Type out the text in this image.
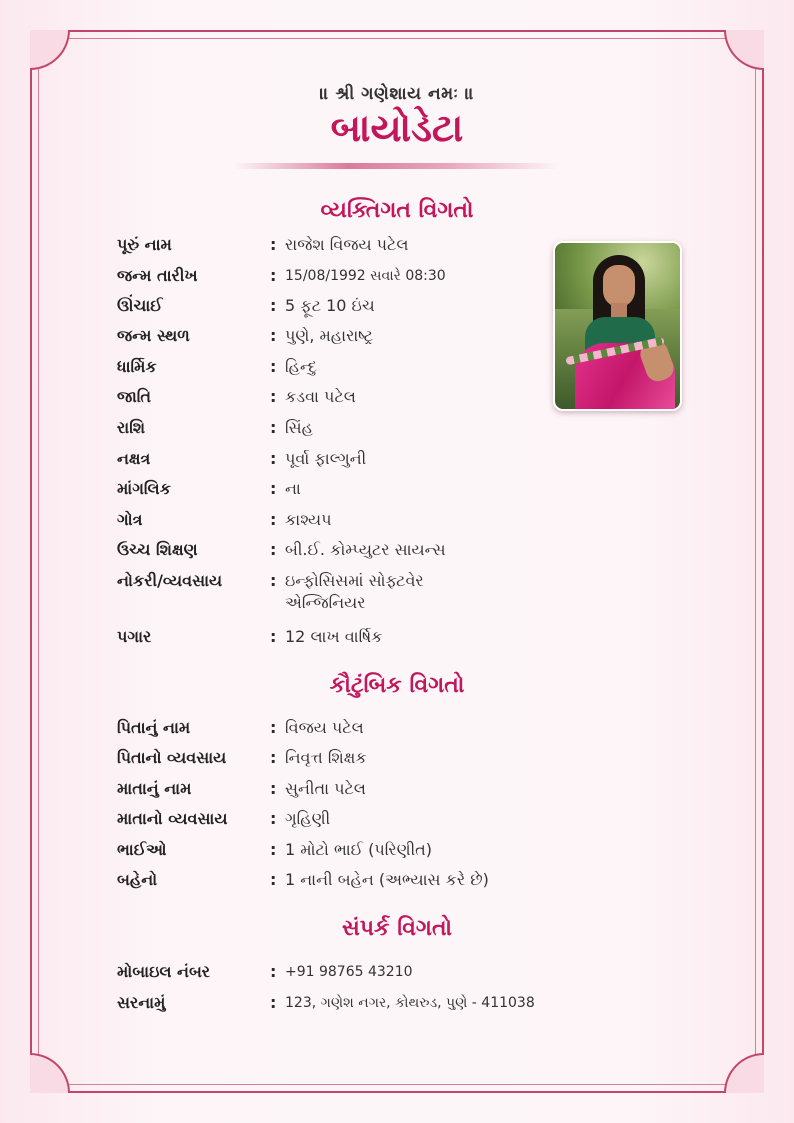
॥ શ્રી ગણેશાય નમઃ ॥
બાયોડેટા
વ્યક્તિગત વિગતો
પૂરું નામ	: રાજેશ વિજય પટેલ
જન્મ તારીખ	: 15/08/1992 સવારે 08:30
ઊંચાઈ	: 5 ફૂટ 10 ઇંચ
જન્મ સ્થળ	: પુણે, મહારાષ્ટ્ર
ધાર્મિક	: હિન્દુ
જાતિ	: કડવા પટેલ
રાશિ	: સિંહ
નક્ષત્ર	: પૂર્વા ફાલ્ગુની
માંગલિક	: ના
ગોત્ર	: કાશ્યપ
ઉચ્ચ શિક્ષણ	: બી.ઈ. કોમ્પ્યુટર સાયન્સ
નોકરી/વ્યવસાય	: ઇન્ફોસિસમાં સોફ્ટવેર એન્જિનિયર
પગાર	: 12 લાખ વાર્ષિક
કૌટુંબિક વિગતો
પિતાનું નામ	: વિજય પટેલ
પિતાનો વ્યવસાય	: નિવૃત્ત શિક્ષક
માતાનું નામ	: સુનીતા પટેલ
માતાનો વ્યવસાય	: ગૃહિણી
ભાઈઓ	: 1 મોટો ભાઈ (પરિણીત)
બહેનો	: 1 નાની બહેન (અભ્યાસ કરે છે)
સંપર્ક વિગતો
મોબાઇલ નંબર	: +91 98765 43210
સરનામું	: 123, ગણેશ નગર, કોથરુડ, પુણે - 411038
